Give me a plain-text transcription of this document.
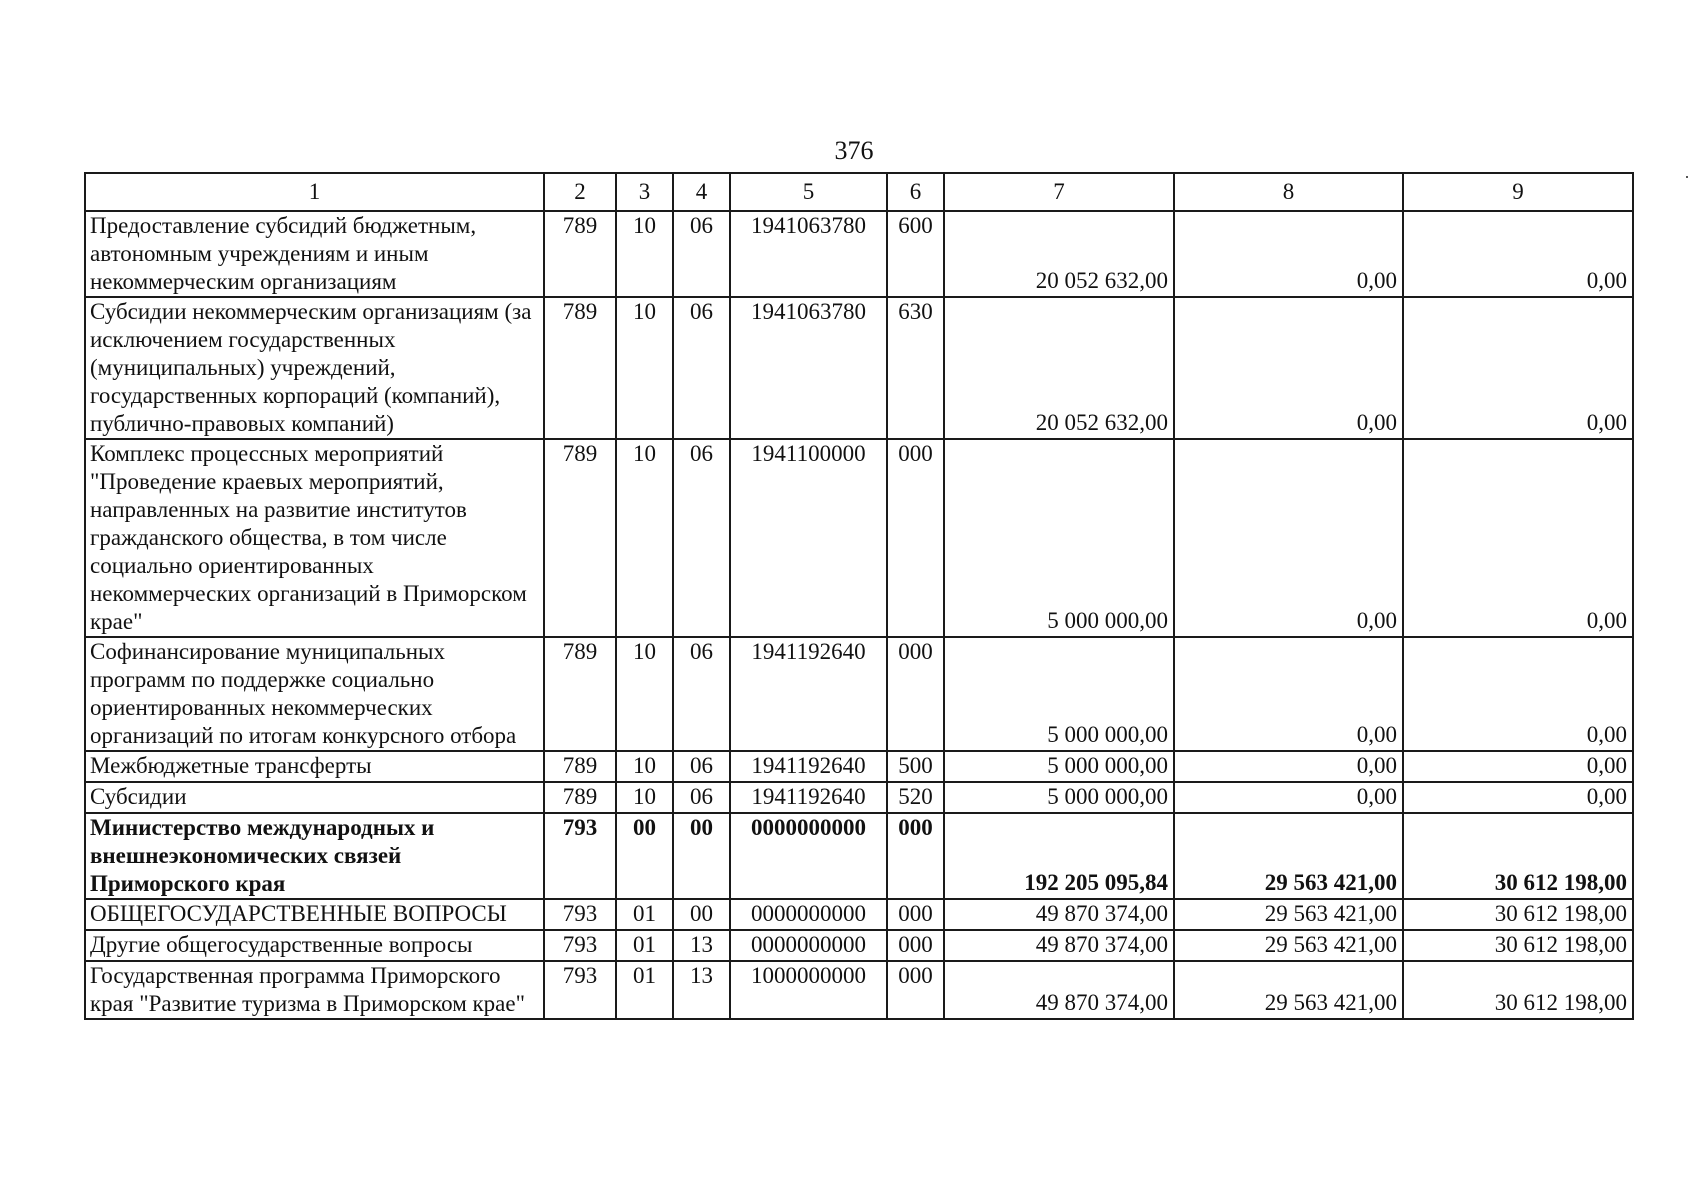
376
1	2	3	4	5	6	7	8	9
Предоставление субсидий бюджетным, автономным учреждениям и иным некоммерческим организациям	789	10	06	1941063780	600	20 052 632,00	0,00	0,00
Субсидии некоммерческим организациям (за исключением государственных (муниципальных) учреждений, государственных корпораций (компаний), публично-правовых компаний)	789	10	06	1941063780	630	20 052 632,00	0,00	0,00
Комплекс процессных мероприятий "Проведение краевых мероприятий, направленных на развитие институтов гражданского общества, в том числе социально ориентированных некоммерческих организаций в Приморском крае"	789	10	06	1941100000	000	5 000 000,00	0,00	0,00
Софинансирование муниципальных программ по поддержке социально ориентированных некоммерческих организаций по итогам конкурсного отбора	789	10	06	1941192640	000	5 000 000,00	0,00	0,00
Межбюджетные трансферты	789	10	06	1941192640	500	5 000 000,00	0,00	0,00
Субсидии	789	10	06	1941192640	520	5 000 000,00	0,00	0,00
Министерство международных и внешнеэкономических связей Приморского края	793	00	00	0000000000	000	192 205 095,84	29 563 421,00	30 612 198,00
ОБЩЕГОСУДАРСТВЕННЫЕ ВОПРОСЫ	793	01	00	0000000000	000	49 870 374,00	29 563 421,00	30 612 198,00
Другие общегосударственные вопросы	793	01	13	0000000000	000	49 870 374,00	29 563 421,00	30 612 198,00
Государственная программа Приморского края "Развитие туризма в Приморском крае"	793	01	13	1000000000	000	49 870 374,00	29 563 421,00	30 612 198,00
